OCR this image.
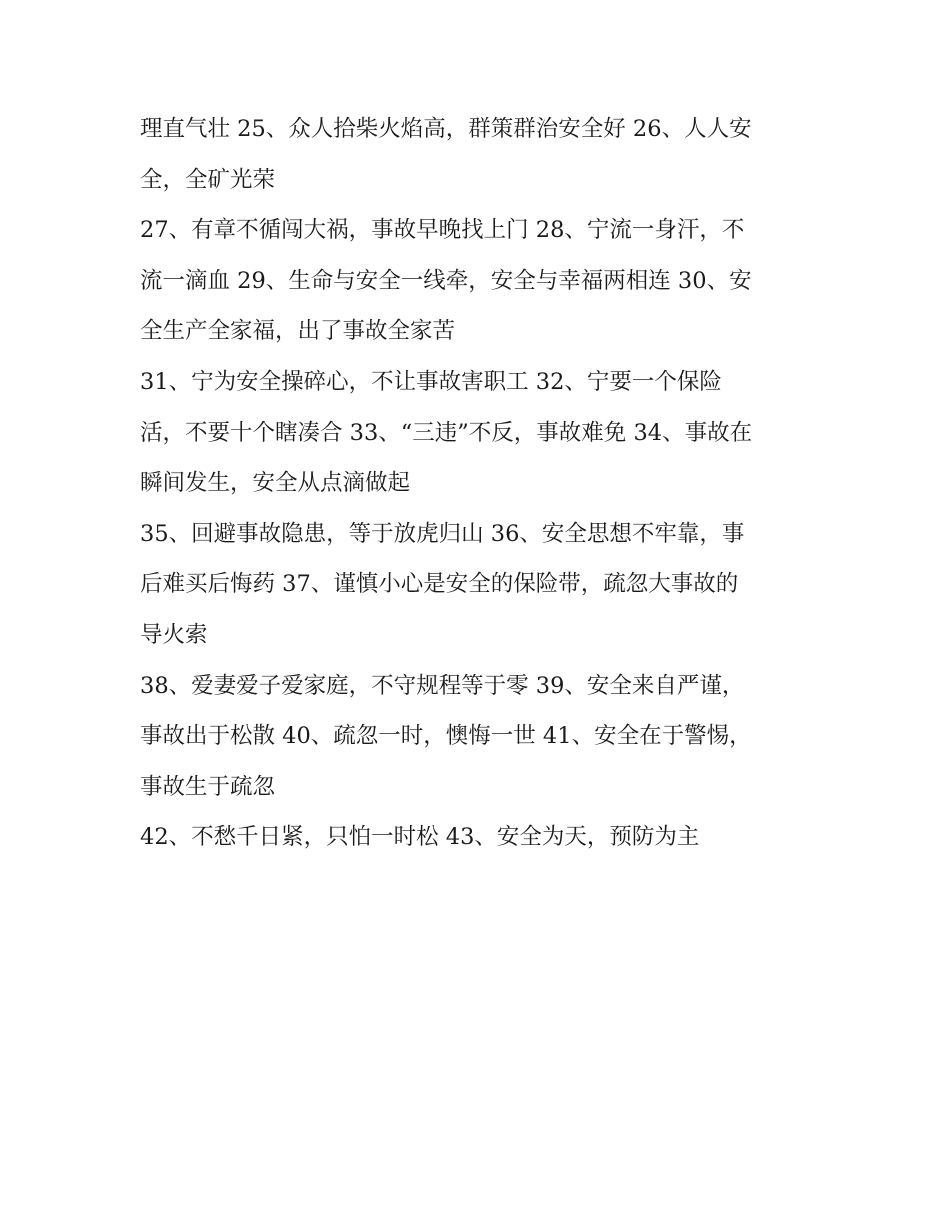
理直气壮 25、众人拾柴火焰高，群策群治安全好 26、人人安
全，全矿光荣
27、有章不循闯大祸，事故早晚找上门 28、宁流一身汗，不
流一滴血 29、生命与安全一线牵，安全与幸福两相连 30、安
全生产全家福，出了事故全家苦
31、宁为安全操碎心，不让事故害职工 32、宁要一个保险
活，不要十个瞎凑合 33、“三违”不反，事故难免 34、事故在
瞬间发生，安全从点滴做起
35、回避事故隐患，等于放虎归山 36、安全思想不牢靠，事
后难买后悔药 37、谨慎小心是安全的保险带，疏忽大事故的
导火索
38、爱妻爱子爱家庭，不守规程等于零 39、安全来自严谨，
事故出于松散 40、疏忽一时，懊悔一世 41、安全在于警惕，
事故生于疏忽
42、不愁千日紧，只怕一时松 43、安全为天，预防为主
